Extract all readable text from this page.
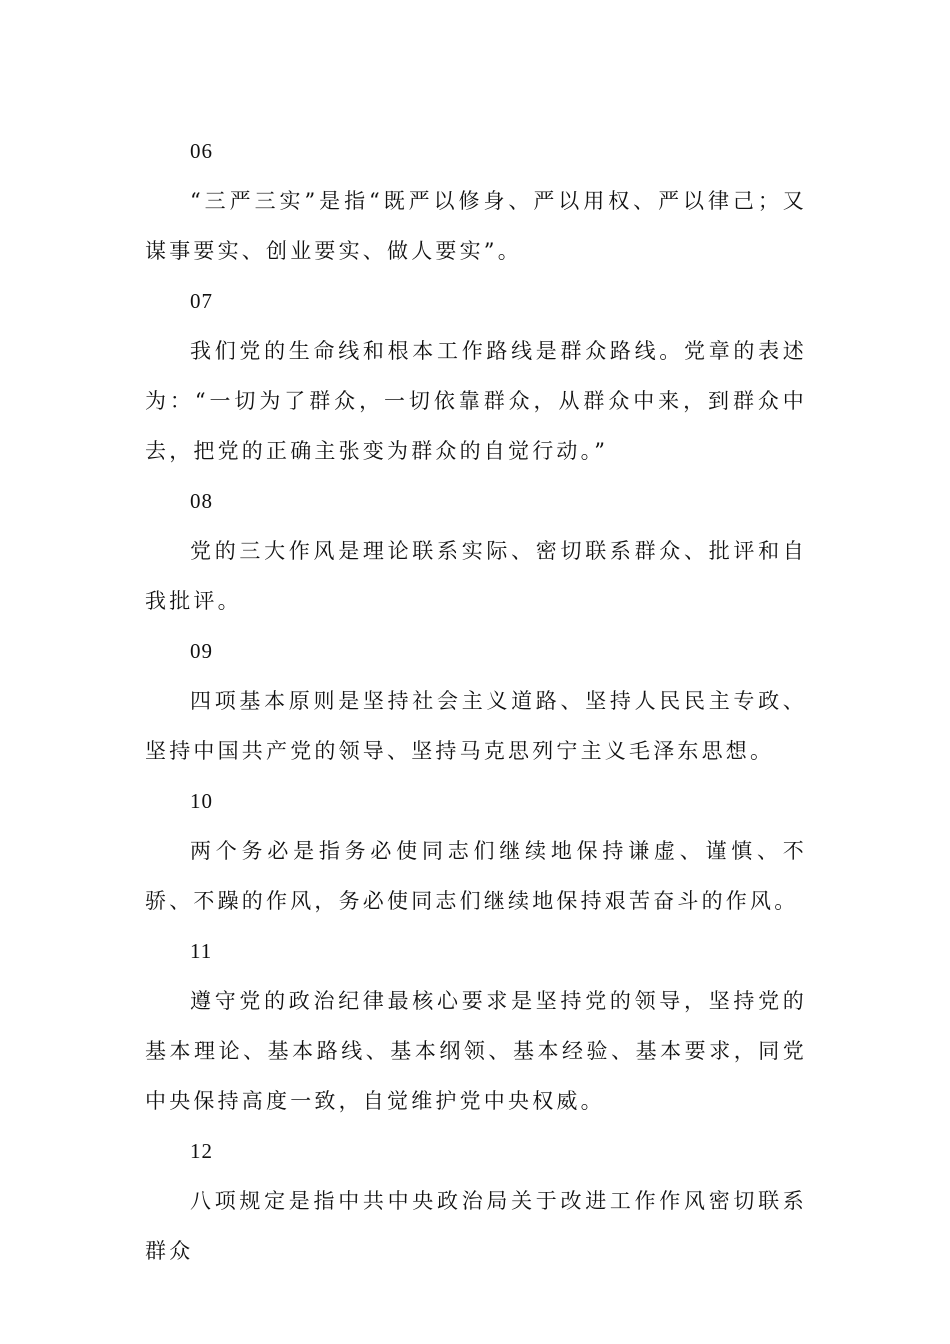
06
“三严三实”是指“既严以修身、严以用权、严以律己；又谋事要实、创业要实、做人要实”。
07
我们党的生命线和根本工作路线是群众路线。党章的表述为：“一切为了群众，一切依靠群众，从群众中来，到群众中去，把党的正确主张变为群众的自觉行动。”
08
党的三大作风是理论联系实际、密切联系群众、批评和自我批评。
09
四项基本原则是坚持社会主义道路、坚持人民民主专政、坚持中国共产党的领导、坚持马克思列宁主义毛泽东思想。
10
两个务必是指务必使同志们继续地保持谦虚、谨慎、不骄、不躁的作风，务必使同志们继续地保持艰苦奋斗的作风。
11
遵守党的政治纪律最核心要求是坚持党的领导，坚持党的基本理论、基本路线、基本纲领、基本经验、基本要求，同党中央保持高度一致，自觉维护党中央权威。
12
八项规定是指中共中央政治局关于改进工作作风密切联系群众
